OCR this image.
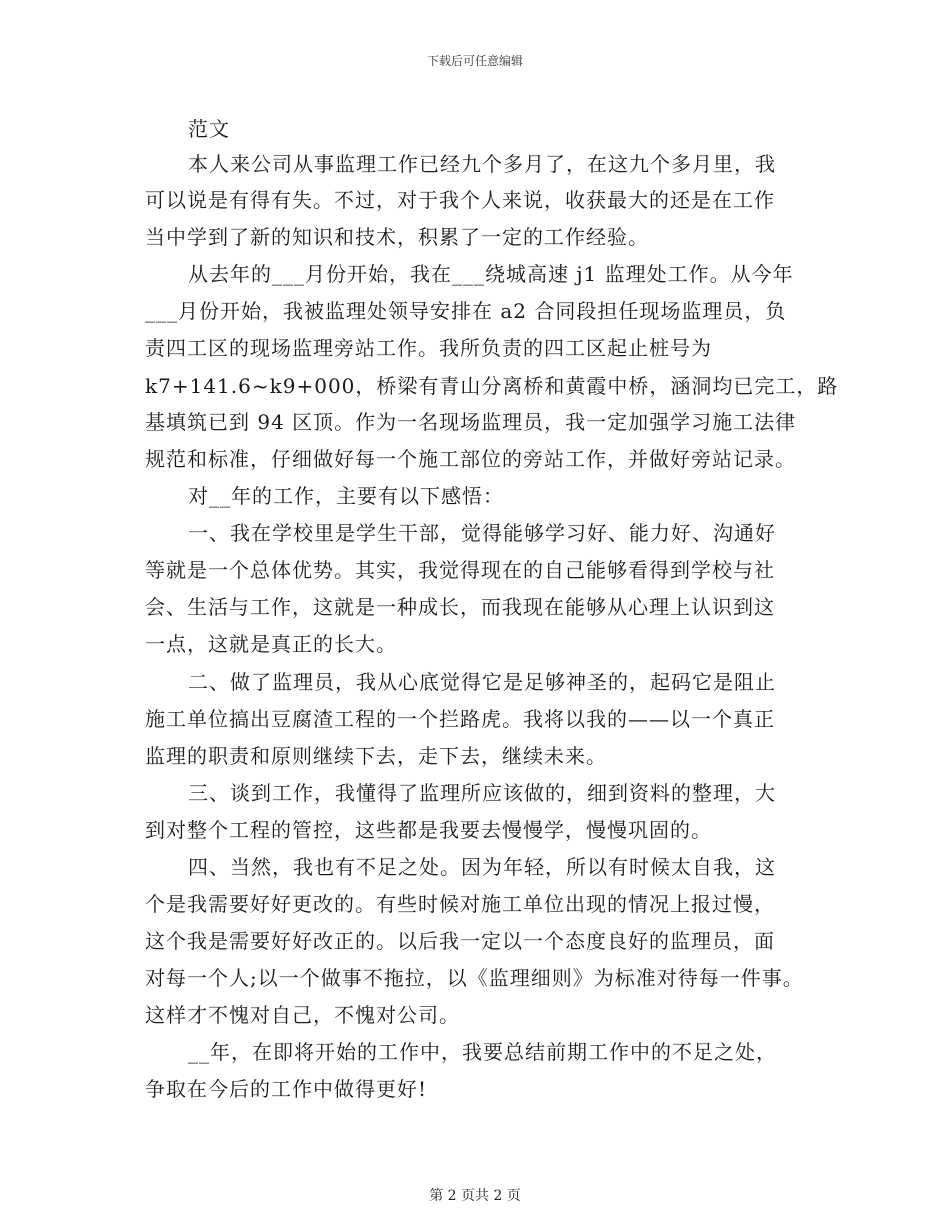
下载后可任意编辑
范文
本人来公司从事监理工作已经九个多月了，在这九个多月里，我
可以说是有得有失。不过，对于我个人来说，收获最大的还是在工作
当中学到了新的知识和技术，积累了一定的工作经验。
从去年的___月份开始，我在___绕城高速 j1 监理处工作。从今年
___月份开始，我被监理处领导安排在 a2 合同段担任现场监理员，负
责四工区的现场监理旁站工作。我所负责的四工区起止桩号为
k7+141.6~k9+000，桥梁有青山分离桥和黄霞中桥，涵洞均已完工，路
基填筑已到 94 区顶。作为一名现场监理员，我一定加强学习施工法律
规范和标准，仔细做好每一个施工部位的旁站工作，并做好旁站记录。
对__年的工作，主要有以下感悟：
一、我在学校里是学生干部，觉得能够学习好、能力好、沟通好
等就是一个总体优势。其实，我觉得现在的自己能够看得到学校与社
会、生活与工作，这就是一种成长，而我现在能够从心理上认识到这
一点，这就是真正的长大。
二、做了监理员，我从心底觉得它是足够神圣的，起码它是阻止
施工单位搞出豆腐渣工程的一个拦路虎。我将以我的——以一个真正
监理的职责和原则继续下去，走下去，继续未来。
三、谈到工作，我懂得了监理所应该做的，细到资料的整理，大
到对整个工程的管控，这些都是我要去慢慢学，慢慢巩固的。
四、当然，我也有不足之处。因为年轻，所以有时候太自我，这
个是我需要好好更改的。有些时候对施工单位出现的情况上报过慢，
这个我是需要好好改正的。以后我一定以一个态度良好的监理员，面
对每一个人;以一个做事不拖拉，以《监理细则》为标准对待每一件事。
这样才不愧对自己，不愧对公司。
__年，在即将开始的工作中，我要总结前期工作中的不足之处，
争取在今后的工作中做得更好!
第 2 页共 2 页
